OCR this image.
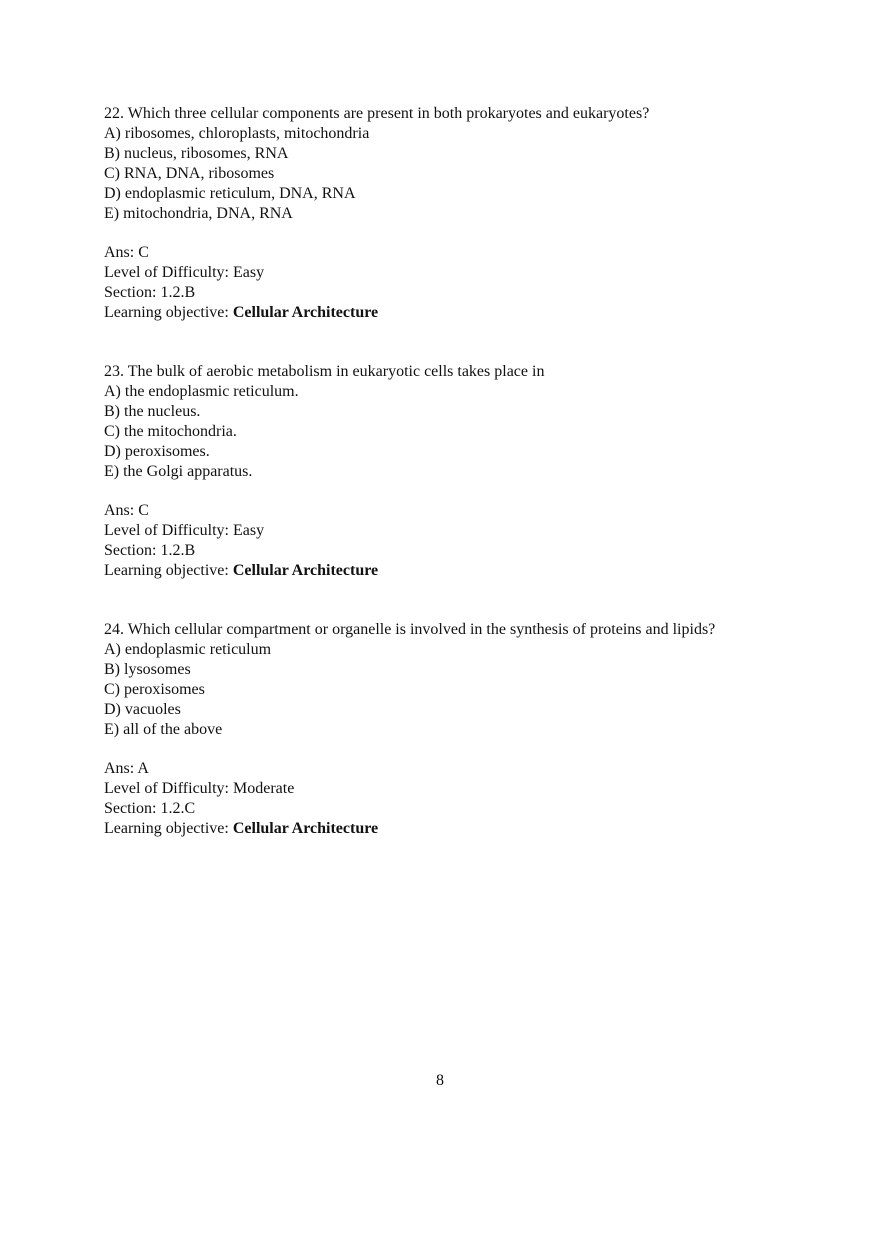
22. Which three cellular components are present in both prokaryotes and eukaryotes?
A) ribosomes, chloroplasts, mitochondria
B) nucleus, ribosomes, RNA
C) RNA, DNA, ribosomes
D) endoplasmic reticulum, DNA, RNA
E) mitochondria, DNA, RNA
Ans: C
Level of Difficulty: Easy
Section: 1.2.B
Learning objective: Cellular Architecture
23. The bulk of aerobic metabolism in eukaryotic cells takes place in
A) the endoplasmic reticulum.
B) the nucleus.
C) the mitochondria.
D) peroxisomes.
E) the Golgi apparatus.
Ans: C
Level of Difficulty: Easy
Section: 1.2.B
Learning objective: Cellular Architecture
24. Which cellular compartment or organelle is involved in the synthesis of proteins and lipids?
A) endoplasmic reticulum
B) lysosomes
C) peroxisomes
D) vacuoles
E) all of the above
Ans: A
Level of Difficulty: Moderate
Section: 1.2.C
Learning objective: Cellular Architecture
8
